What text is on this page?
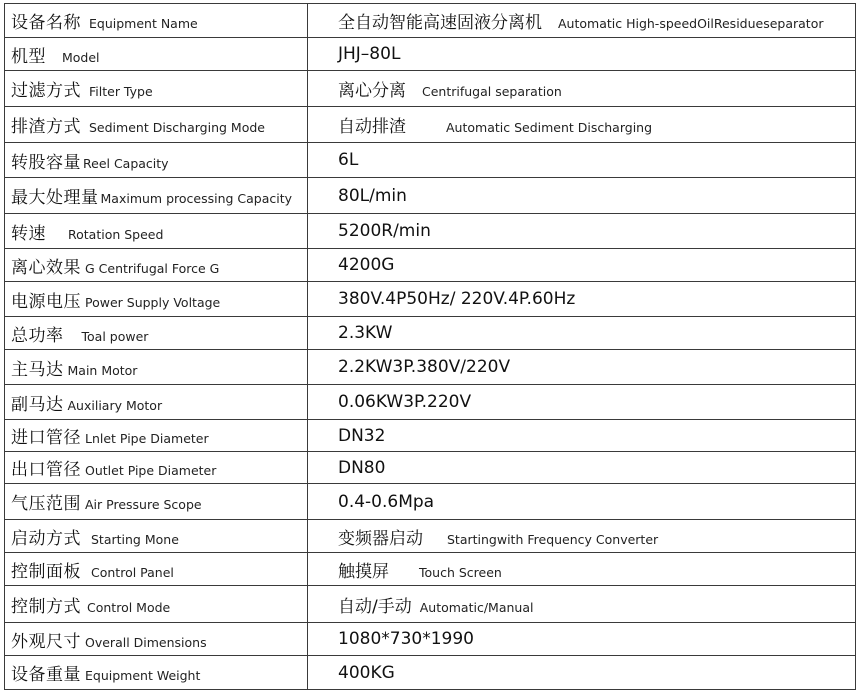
设备名称 Equipment Name	全自动智能高速固液分离机 Automatic High-speedOilResidueseparator
机型 Model	JHJ–80L
过滤方式 Filter Type	离心分离 Centrifugal separation
排渣方式 Sediment Discharging Mode	自动排渣 Automatic Sediment Discharging
转股容量 Reel Capacity	6L
最大处理量 Maximum processing Capacity	80L/min
转速 Rotation Speed	5200R/min
离心效果 G Centrifugal Force G	4200G
电源电压 Power Supply Voltage	380V.4P50Hz/ 220V.4P.60Hz
总功率 Toal power	2.3KW
主马达 Main Motor	2.2KW3P.380V/220V
副马达 Auxiliary Motor	0.06KW3P.220V
进口管径 Lnlet Pipe Diameter	DN32
出口管径 Outlet Pipe Diameter	DN80
气压范围 Air Pressure Scope	0.4-0.6Mpa
启动方式 Starting Mone	变频器启动 Startingwith Frequency Converter
控制面板 Control Panel	触摸屏 Touch Screen
控制方式 Control Mode	自动/手动 Automatic/Manual
外观尺寸 Overall Dimensions	1080*730*1990
设备重量 Equipment Weight	400KG
